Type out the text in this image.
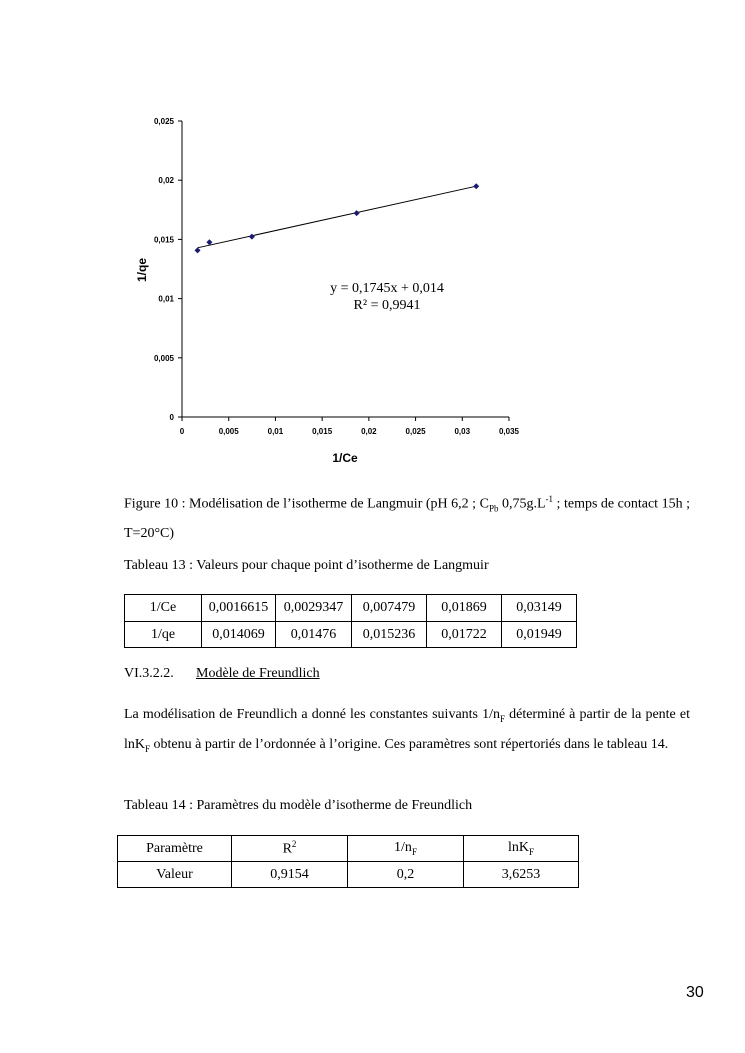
0	0,005	0,01	0,015	0,02	0,025	0,03	0,035
0
0,005
0,01
0,015
0,02
0,025
y = 0,1745x + 0,014
R² = 0,9941
1/Ce
1/qe
Figure 10 : Modélisation de l’isotherme de Langmuir (pH 6,2 ; $C_{Pb}$ $0,75g.L^{-1}$ ; temps de contact 15h ; T=20°C)
Tableau 13 : Valeurs pour chaque point d’isotherme de Langmuir
1/Ce	0,0016615	0,0029347	0,007479	0,01869	0,03149
1/qe	0,014069	0,01476	0,015236	0,01722	0,01949
VI.3.2.2. Modèle de Freundlich
La modélisation de Freundlich a donné les constantes suivants $1/n_F$ déterminé à partir de la pente et lnK$_F$ obtenu à partir de l’ordonnée à l’origine. Ces paramètres sont répertoriés dans le tableau 14.
Tableau 14 : Paramètres du modèle d’isotherme de Freundlich
Paramètre	$R^2$	$1/n_F$	lnK$_F$
Valeur	0,9154	0,2	3,6253
30
